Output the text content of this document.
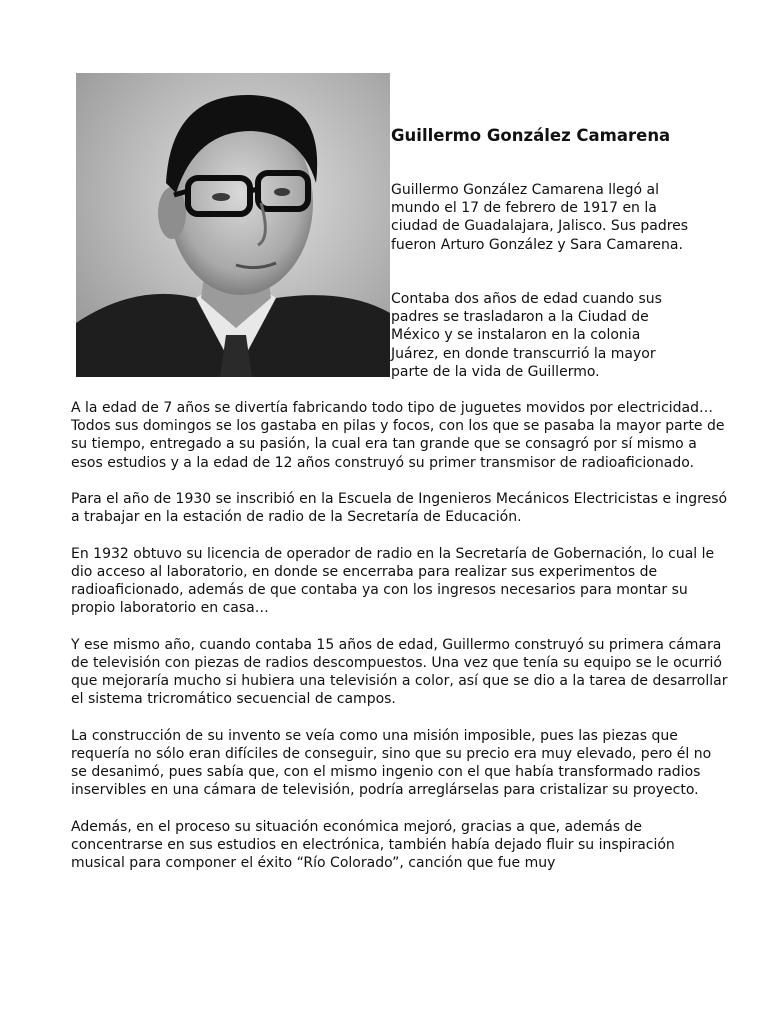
Guillermo González Camarena

Guillermo González Camarena llegó al mundo el 17 de febrero de 1917 en la ciudad de Guadalajara, Jalisco. Sus padres fueron Arturo González y Sara Camarena.

Contaba dos años de edad cuando sus padres se trasladaron a la Ciudad de México y se instalaron en la colonia Juárez, en donde transcurrió la mayor parte de la vida de Guillermo.

A la edad de 7 años se divertía fabricando todo tipo de juguetes movidos por electricidad… Todos sus domingos se los gastaba en pilas y focos, con los que se pasaba la mayor parte de su tiempo, entregado a su pasión, la cual era tan grande que se consagró por sí mismo a esos estudios y a la edad de 12 años construyó su primer transmisor de radioaficionado.

Para el año de 1930 se inscribió en la Escuela de Ingenieros Mecánicos Electricistas e ingresó a trabajar en la estación de radio de la Secretaría de Educación.

En 1932 obtuvo su licencia de operador de radio en la Secretaría de Gobernación, lo cual le dio acceso al laboratorio, en donde se encerraba para realizar sus experimentos de radioaficionado, además de que contaba ya con los ingresos necesarios para montar su propio laboratorio en casa…

Y ese mismo año, cuando contaba 15 años de edad, Guillermo construyó su primera cámara de televisión con piezas de radios descompuestos. Una vez que tenía su equipo se le ocurrió que mejoraría mucho si hubiera una televisión a color, así que se dio a la tarea de desarrollar el sistema tricromático secuencial de campos.

La construcción de su invento se veía como una misión imposible, pues las piezas que requería no sólo eran difíciles de conseguir, sino que su precio era muy elevado, pero él no se desanimó, pues sabía que, con el mismo ingenio con el que había transformado radios inservibles en una cámara de televisión, podría arreglárselas para cristalizar su proyecto.

Además, en el proceso su situación económica mejoró, gracias a que, además de concentrarse en sus estudios en electrónica, también había dejado fluir su inspiración musical para componer el éxito “Río Colorado”, canción que fue muy
